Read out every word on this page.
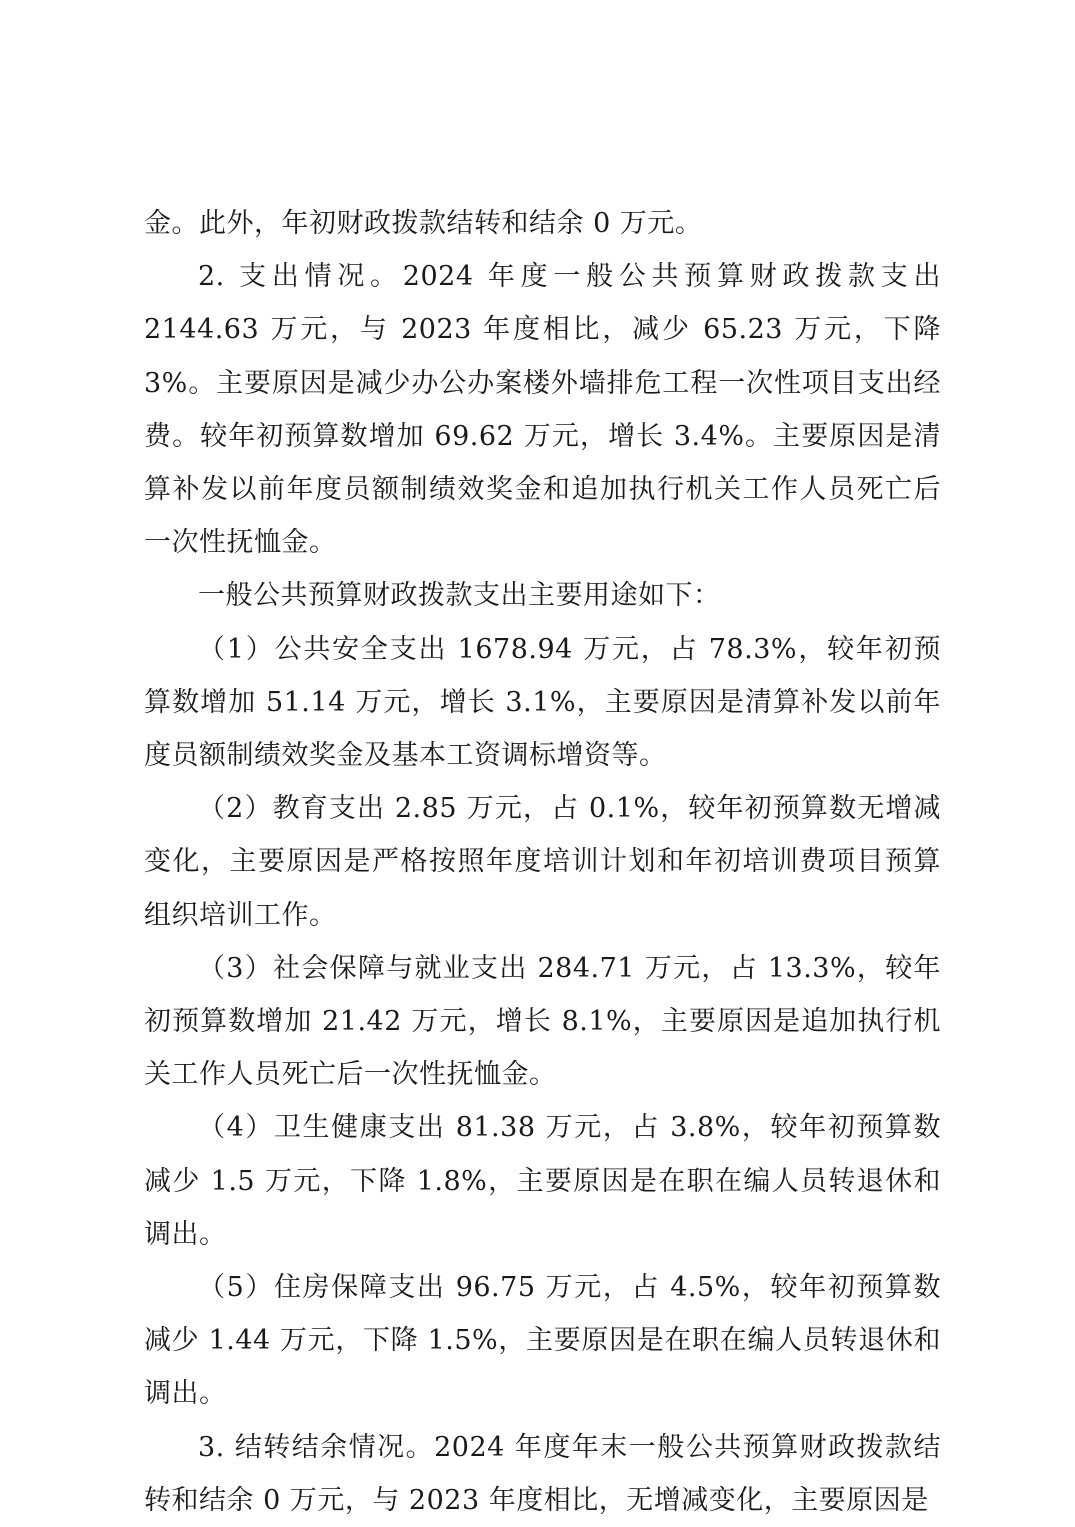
金。此外，年初财政拨款结转和结余 0 万元。

2. 支出情况。2024 年度一般公共预算财政拨款支出 2144.63 万元，与 2023 年度相比，减少 65.23 万元，下降 3%。主要原因是减少办公办案楼外墙排危工程一次性项目支出经费。较年初预算数增加 69.62 万元，增长 3.4%。主要原因是清算补发以前年度员额制绩效奖金和追加执行机关工作人员死亡后一次性抚恤金。

一般公共预算财政拨款支出主要用途如下：

（1）公共安全支出 1678.94 万元，占 78.3%，较年初预算数增加 51.14 万元，增长 3.1%，主要原因是清算补发以前年度员额制绩效奖金及基本工资调标增资等。

（2）教育支出 2.85 万元，占 0.1%，较年初预算数无增减变化，主要原因是严格按照年度培训计划和年初培训费项目预算组织培训工作。

（3）社会保障与就业支出 284.71 万元，占 13.3%，较年初预算数增加 21.42 万元，增长 8.1%，主要原因是追加执行机关工作人员死亡后一次性抚恤金。

（4）卫生健康支出 81.38 万元，占 3.8%，较年初预算数减少 1.5 万元，下降 1.8%，主要原因是在职在编人员转退休和调出。

（5）住房保障支出 96.75 万元，占 4.5%，较年初预算数减少 1.44 万元，下降 1.5%，主要原因是在职在编人员转退休和调出。

3. 结转结余情况。2024 年度年末一般公共预算财政拨款结转和结余 0 万元，与 2023 年度相比，无增减变化，主要原因是
